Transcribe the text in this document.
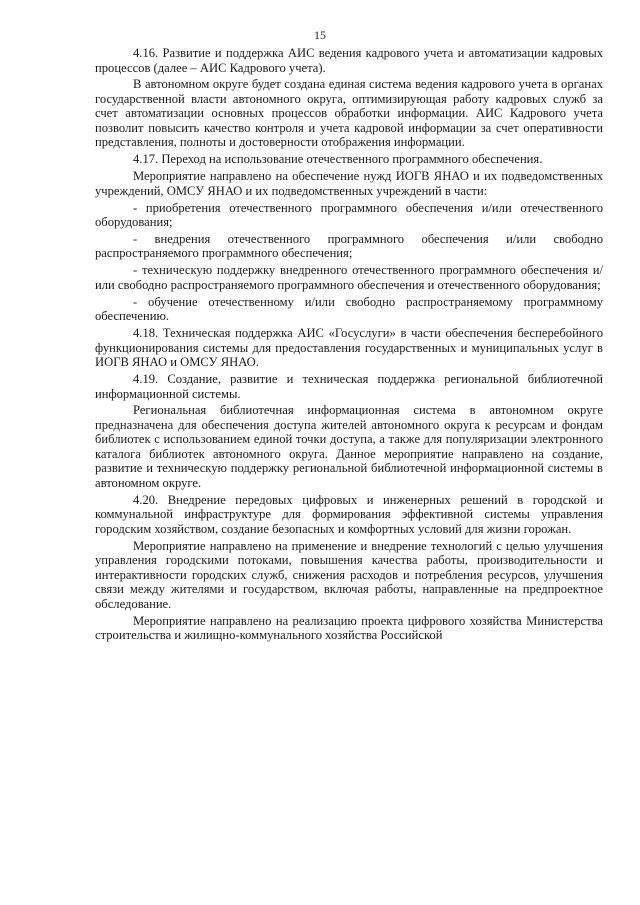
15

4.16. Развитие и поддержка АИС ведения кадрового учета и автоматизации кадровых процессов (далее – АИС Кадрового учета).

В автономном округе будет создана единая система ведения кадрового учета в органах государственной власти автономного округа, оптимизирующая работу кадровых служб за счет автоматизации основных процессов обработки информации. АИС Кадрового учета позволит повысить качество контроля и учета кадровой информации за счет оперативности представления, полноты и достоверности отображения информации.

4.17. Переход на использование отечественного программного обеспечения.

Мероприятие направлено на обеспечение нужд ИОГВ ЯНАО и их подведомственных учреждений, ОМСУ ЯНАО и их подведомственных учреждений в части:

- приобретения отечественного программного обеспечения и/или отечественного оборудования;

- внедрения отечественного программного обеспечения и/или свободно распространяемого программного обеспечения;

- техническую поддержку внедренного отечественного программного обеспечения и/или свободно распространяемого программного обеспечения и отечественного оборудования;

- обучение отечественному и/или свободно распространяемому программному обеспечению.

4.18. Техническая поддержка АИС «Госуслуги» в части обеспечения бесперебойного функционирования системы для предоставления государственных и муниципальных услуг в ИОГВ ЯНАО и ОМСУ ЯНАО.

4.19. Создание, развитие и техническая поддержка региональной библиотечной информационной системы.

Региональная библиотечная информационная система в автономном округе предназначена для обеспечения доступа жителей автономного округа к ресурсам и фондам библиотек с использованием единой точки доступа, а также для популяризации электронного каталога библиотек автономного округа. Данное мероприятие направлено на создание, развитие и техническую поддержку региональной библиотечной информационной системы в автономном округе.

4.20. Внедрение передовых цифровых и инженерных решений в городской и коммунальной инфраструктуре для формирования эффективной системы управления городским хозяйством, создание безопасных и комфортных условий для жизни горожан.

Мероприятие направлено на применение и внедрение технологий с целью улучшения управления городскими потоками, повышения качества работы, производительности и интерактивности городских служб, снижения расходов и потребления ресурсов, улучшения связи между жителями и государством, включая работы, направленные на предпроектное обследование.

Мероприятие направлено на реализацию проекта цифрового хозяйства Министерства строительства и жилищно-коммунального хозяйства Российской
